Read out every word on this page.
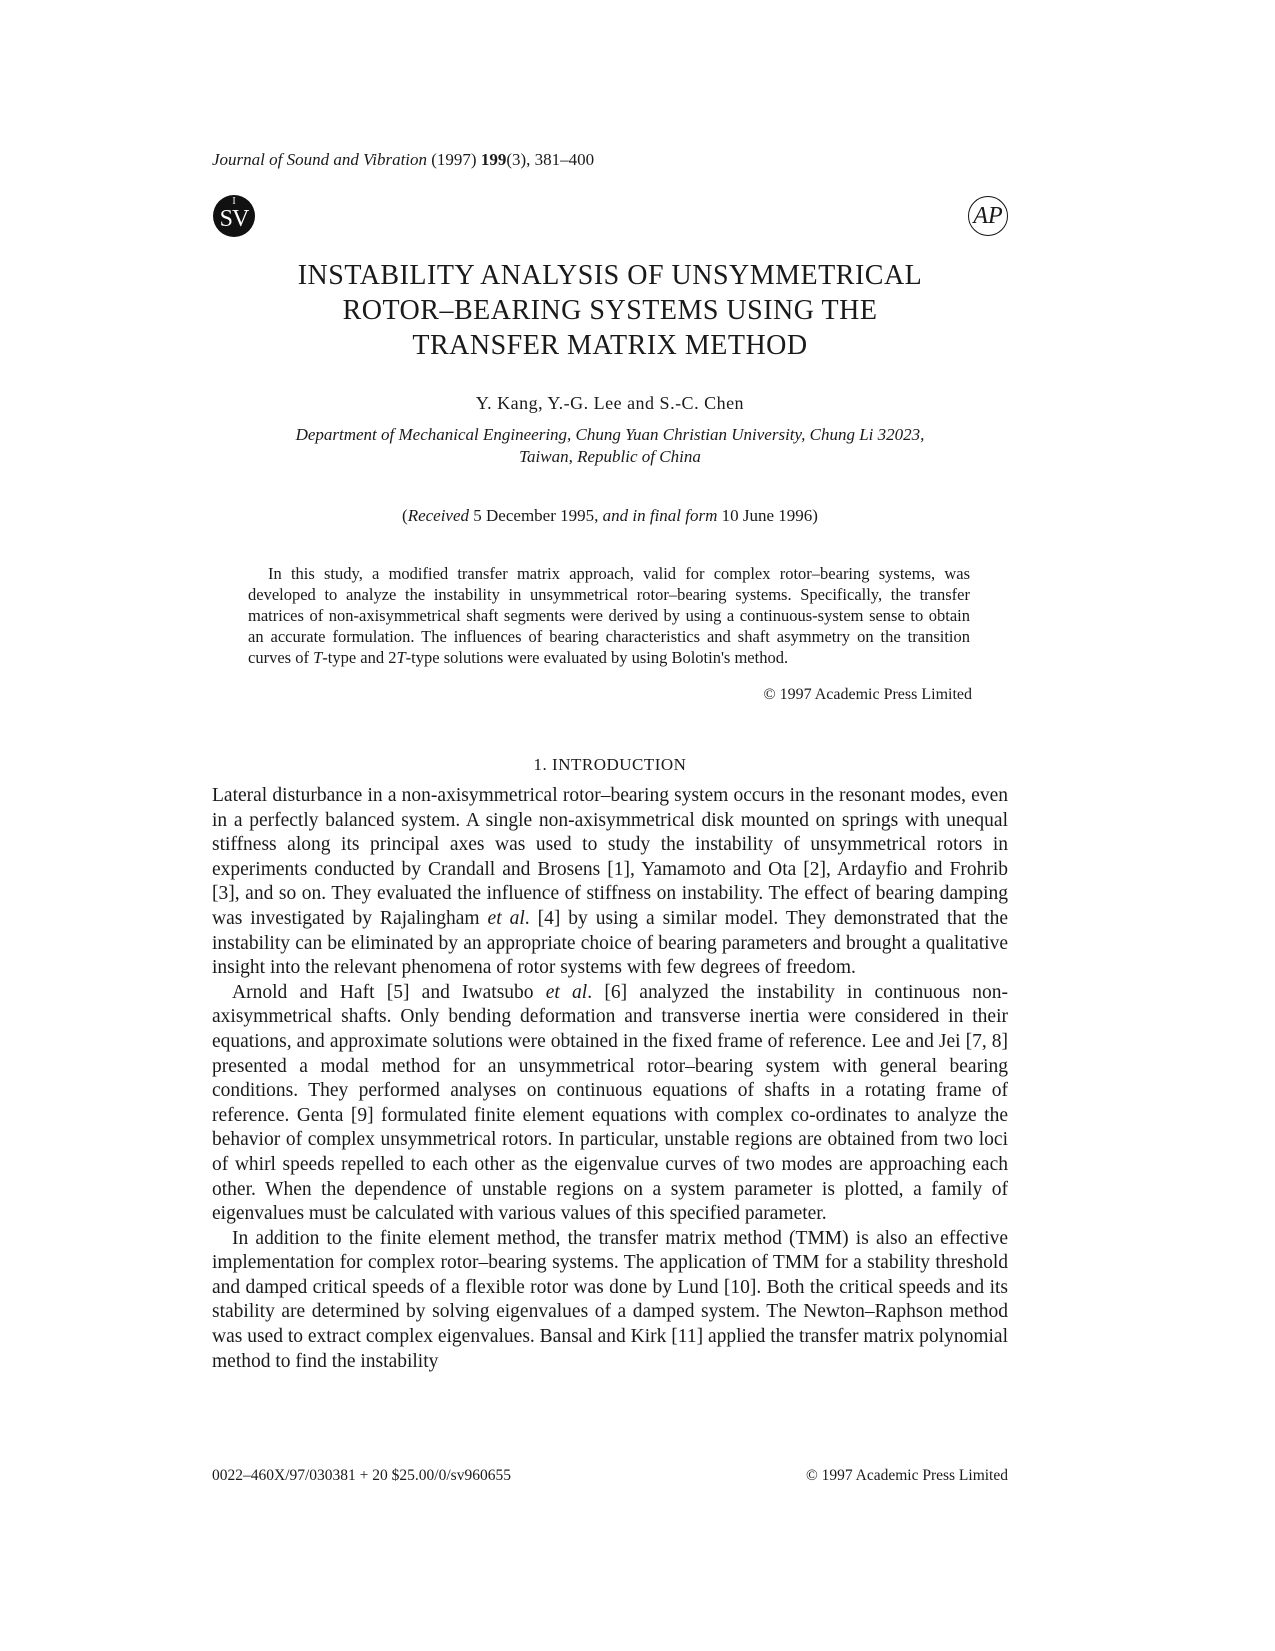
Journal of Sound and Vibration (1997) 199(3), 381–400
I
SV	AP
INSTABILITY ANALYSIS OF UNSYMMETRICAL
ROTOR–BEARING SYSTEMS USING THE
TRANSFER MATRIX METHOD
Y. Kang, Y.-G. Lee and S.-C. Chen
Department of Mechanical Engineering, Chung Yuan Christian University, Chung Li 32023,
Taiwan, Republic of China
(Received 5 December 1995, and in final form 10 June 1996)
In this study, a modified transfer matrix approach, valid for complex rotor–bearing systems, was developed to analyze the instability in unsymmetrical rotor–bearing systems. Specifically, the transfer matrices of non-axisymmetrical shaft segments were derived by using a continuous-system sense to obtain an accurate formulation. The influences of bearing characteristics and shaft asymmetry on the transition curves of T-type and 2T-type solutions were evaluated by using Bolotin's method.
© 1997 Academic Press Limited
1. INTRODUCTION

Lateral disturbance in a non-axisymmetrical rotor–bearing system occurs in the resonant modes, even in a perfectly balanced system. A single non-axisymmetrical disk mounted on springs with unequal stiffness along its principal axes was used to study the instability of unsymmetrical rotors in experiments conducted by Crandall and Brosens [1], Yamamoto and Ota [2], Ardayfio and Frohrib [3], and so on. They evaluated the influence of stiffness on instability. The effect of bearing damping was investigated by Rajalingham et al. [4] by using a similar model. They demonstrated that the instability can be eliminated by an appropriate choice of bearing parameters and brought a qualitative insight into the relevant phenomena of rotor systems with few degrees of freedom.

Arnold and Haft [5] and Iwatsubo et al. [6] analyzed the instability in continuous non-axisymmetrical shafts. Only bending deformation and transverse inertia were considered in their equations, and approximate solutions were obtained in the fixed frame of reference. Lee and Jei [7, 8] presented a modal method for an unsymmetrical rotor–bearing system with general bearing conditions. They performed analyses on continuous equations of shafts in a rotating frame of reference. Genta [9] formulated finite element equations with complex co-ordinates to analyze the behavior of complex unsymmetrical rotors. In particular, unstable regions are obtained from two loci of whirl speeds repelled to each other as the eigenvalue curves of two modes are approaching each other. When the dependence of unstable regions on a system parameter is plotted, a family of eigenvalues must be calculated with various values of this specified parameter.

In addition to the finite element method, the transfer matrix method (TMM) is also an effective implementation for complex rotor–bearing systems. The application of TMM for a stability threshold and damped critical speeds of a flexible rotor was done by Lund [10]. Both the critical speeds and its stability are determined by solving eigenvalues of a damped system. The Newton–Raphson method was used to extract complex eigenvalues. Bansal and Kirk [11] applied the transfer matrix polynomial method to find the instability

0022–460X/97/030381 + 20 $25.00/0/sv960655	© 1997 Academic Press Limited
